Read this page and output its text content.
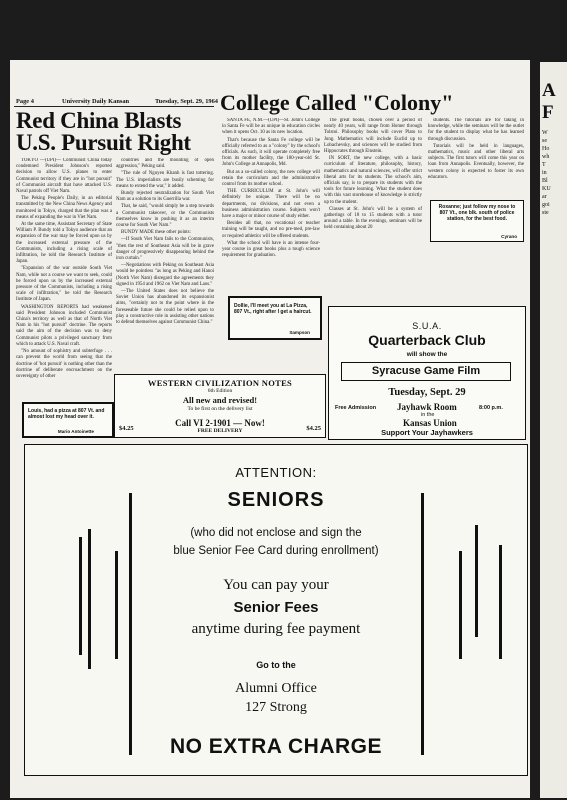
Page 4	University Daily Kansan	Tuesday, Sept. 29, 1964
Red China Blasts U.S. Pursuit Right

TOKYO —(UPI)— Communist China today condemned President Johnson's reported decision to allow U.S. planes to enter Communist territory if they are in "hot pursuit" of Communist aircraft that have attacked U.S. Naval patrols off Viet Nam.

The Peking People's Daily, in an editorial transmitted by the New China News Agency and monitored in Tokyo, charged that the plan was a means of expanding the war in Viet Nam.

At the same time, Assistant Secretary of State William P. Bundy told a Tokyo audience that an expansion of the war may be forced upon us by the increased external pressure of the Communists, including a rising scale of infiltration, he told the Research Institute of Japan.

"Expansion of the war outside South Viet Nam, while not a course we want to seek, could be forced upon us by the increased external pressure of the Communists, including a rising scale of infiltration," he told the Research Institute of Japan.

WASHINGTON REPORTS had weakened said President Johnson included Communist China's territory as well as that of North Viet Nam in his "hot pursuit" doctrine. The reports said the aim of the decision was to deny Communist pilots a privileged sanctuary from which to attack U.S. Naval craft.

"No amount of sophistry and subterfuge . . . can prevent the world from seeing that the doctrine of 'hot pursuit' is nothing other than the doctrine of deliberate encroachment on the sovereignty of other

countries and the mounting of open aggression," Peking said.

"The rule of Nguyen Khanh is fast tottering. The U.S. imperialists are busily scheming for means to extend the war," it added.

Bundy rejected neutralization for South Viet Nam as a solution to its Guerrilla war.

That, he said, "would simply be a step towards a Communist takeover, or the Communists themselves know in pushing it as an interim course for South Viet Nam."

BUNDY MADE these other points:

—If South Viet Nam fails to the Communists, "then the rest of Southeast Asia will be in grave danger of progressively disappearing behind the iron curtain."

—Negotiations with Peking on Southeast Asia would be pointless "as long as Peking and Hanoi (North Viet Nam) disregard the agreements they signed in 1954 and 1962 on Viet Nam and Laos."

—The United States does not believe the Soviet Union has abandoned its expansionist aims, "certainly not to the point where in the foreseeable future she could be relied upon to play a constructive role in assisting other nations to defend themselves against Communist China."

College Called "Colony"

SANTA FE, N.M.—(UPI)—St. John's College in Santa Fe will be as unique in education circles when it opens Oct. 10 as its new location.

That's because the Santa Fe college will be officially referred to as a "colony" by the school's officials. As such, it will operate completely free from its mother facility, the 180-year-old St. John's College at Annapolis, Md.

But as a so-called colony, the new college will retain the curriculum and the administrative control from its mother school.

THE CURRICULUM at St. John's will definitely be unique. There will be no departments, no divisions, and not even a business administration course. Subjects won't have a major or minor course of study either.

Besides all that, no vocational or teacher training will be taught, and no pre-med, pre-law or required athletics will be offered students.

What the school will have is an intense four-year course in great books plus a tough science requirement for graduation.

The great books, chosen over a period of nearly 40 years, will range from Homer through Tolstoi. Philosophy books will cover Plato to Jung. Mathematics will include Euclid up to Lobachevsky, and sciences will be studied from Hippocrates through Einstein.

IN SORT, the new college, with a basic curriculum of literature, philosophy, history, mathematics and natural sciences, will offer strict liberal arts for its students. The school's aim, officials say, is to prepare its students with the tools for future learning. What the student does with this vast storehouse of knowledge is strictly up to the student.

Classes at St. John's will be a system of gatherings of 18 to 15 students with a tutor around a table. In the evenings, seminars will be held containing about 20

students. The tutorials are for taking in knowledge, while the seminars will be the outlet for the student to display what he has learned through discussion.

Tutorials will be held in languages, mathematics, music and other liberal arts subjects. The first tutors will come this year on loan from Annapolis. Eventually, however, the western colony is expected to foster its own educators.

Roxanne; just follow my nose to 807 Vt., one blk. south of police station, for the best food.
Cyrano
Dollie, I'll meet you at La Pizza, 807 Vt., right after I get a haircut.
Sampson
Louis, had a pizza at 807 Vt. and almost lost my head over it.
Mario Antoinette
WESTERN CIVILIZATION NOTES
6th Edition
All new and revised!
To be first on the delivery list
Call VI 2-1901 — Now!
FREE DELIVERY
$4.25	$4.25
S.U.A.
Quarterback Club
will show the
Syracuse Game Film
Tuesday, Sept. 29
Free Admission Jayhawk Room	8:00 p.m.
in the
Kansas Union
Support Your Jayhawkers
ATTENTION:
SENIORS
(who did not enclose and sign the
blue Senior Fee Card during enrollment)
You can pay your
Senior Fees
anytime during fee payment
Go to the
Alumni Office
127 Strong
NO EXTRA CHARGE
A
F
W
se
Ho
wh
T
in
Bl
KU
ar
goi
ste
